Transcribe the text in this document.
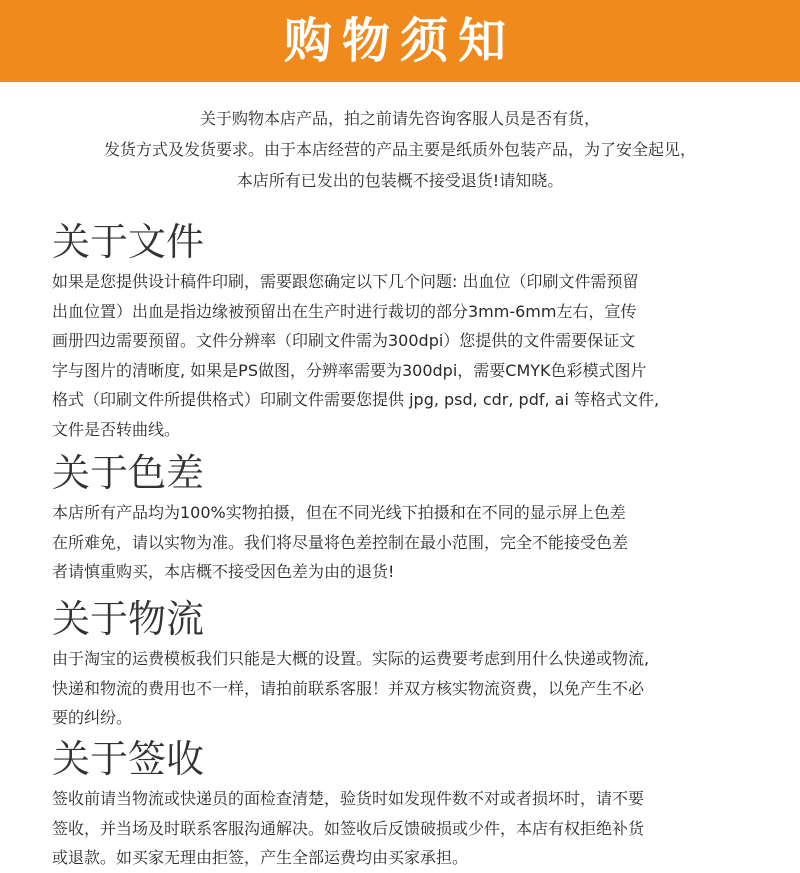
购物须知
关于购物本店产品，拍之前请先咨询客服人员是否有货，
发货方式及发货要求。由于本店经营的产品主要是纸质外包装产品，为了安全起见，
本店所有已发出的包装概不接受退货!请知晓。
关于文件
如果是您提供设计稿件印刷，需要跟您确定以下几个问题: 出血位（印刷文件需预留
出血位置）出血是指边缘被预留出在生产时进行裁切的部分3mm-6mm左右，宣传
画册四边需要预留。文件分辨率（印刷文件需为300dpi）您提供的文件需要保证文
字与图片的清晰度, 如果是PS做图，分辨率需要为300dpi，需要CMYK色彩模式图片
格式（印刷文件所提供格式）印刷文件需要您提供 jpg, psd, cdr, pdf, ai 等格式文件,
文件是否转曲线。
关于色差
本店所有产品均为100%实物拍摄，但在不同光线下拍摄和在不同的显示屏上色差
在所难免，请以实物为准。我们将尽量将色差控制在最小范围，完全不能接受色差
者请慎重购买，本店概不接受因色差为由的退货!
关于物流
由于淘宝的运费模板我们只能是大概的设置。实际的运费要考虑到用什么快递或物流,
快递和物流的费用也不一样，请拍前联系客服！并双方核实物流资费，以免产生不必
要的纠纷。
关于签收
签收前请当物流或快递员的面检查清楚，验货时如发现件数不对或者损坏时，请不要
签收，并当场及时联系客服沟通解决。如签收后反馈破损或少件，本店有权拒绝补货
或退款。如买家无理由拒签，产生全部运费均由买家承担。
